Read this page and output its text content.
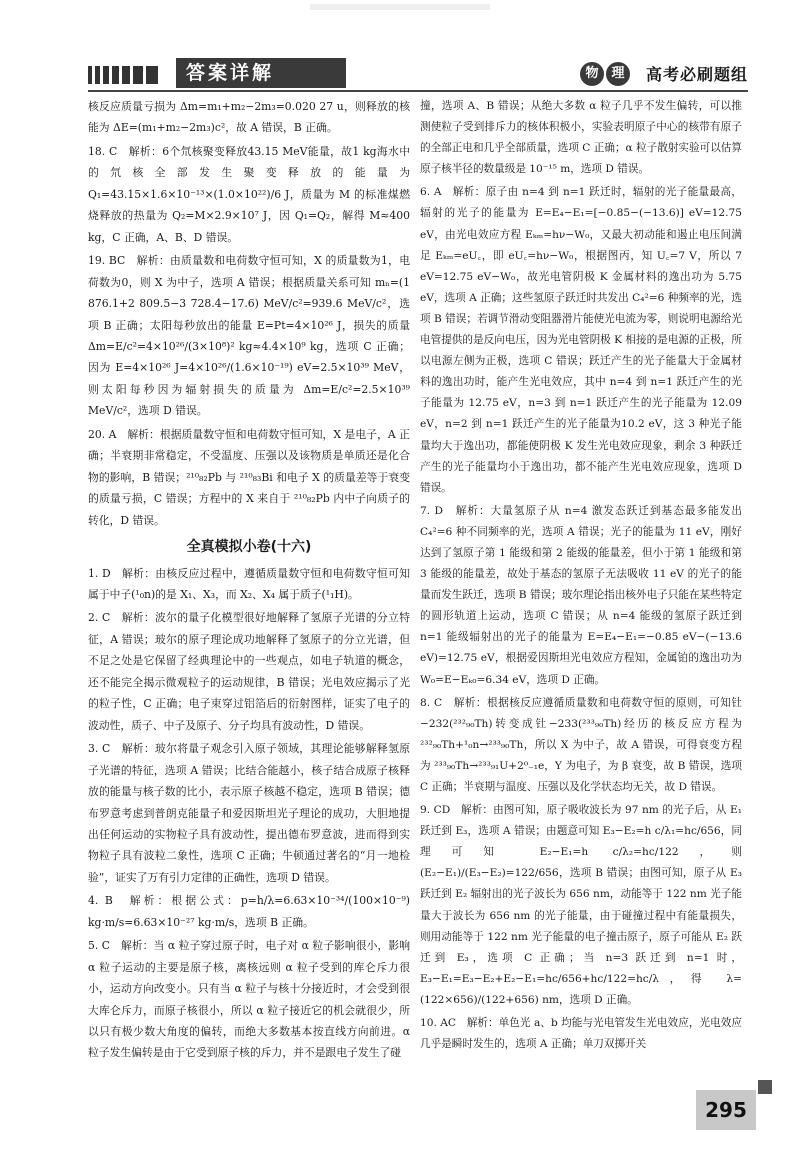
答案详解	物 理	高考必刷题组

核反应质量亏损为 Δm=m₁+m₂−2m₃=0.020 27 u，则释放的核能为 ΔE=(m₁+m₂−2m₃)c²，故 A 错误，B 正确。

18. C　解析：6个氘核聚变释放43.15 MeV能量，故1 kg海水中的氘核全部发生聚变释放的能量为 Q₁=43.15×1.6×10⁻¹³×(1.0×10²²)/6 J，质量为 M 的标准煤燃烧释放的热量为 Q₂=M×2.9×10⁷ J，因 Q₁=Q₂，解得 M≈400 kg，C 正确，A、B、D 错误。

19. BC　解析：由质量数和电荷数守恒可知，X 的质量数为1，电荷数为0，则 X 为中子，选项 A 错误；根据质量关系可知 mₙ=(1 876.1+2 809.5−3 728.4−17.6) MeV/c²=939.6 MeV/c²，选项 B 正确；太阳每秒放出的能量 E=Pt=4×10²⁶ J，损失的质量 Δm=E/c²=4×10²⁶/(3×10⁸)² kg≈4.4×10⁹ kg，选项 C 正确；因为 E=4×10²⁶ J=4×10²⁶/(1.6×10⁻¹⁹) eV=2.5×10³⁹ MeV，则太阳每秒因为辐射损失的质量为 Δm=E/c²=2.5×10³⁹ MeV/c²，选项 D 错误。

20. A　解析：根据质量数守恒和电荷数守恒可知，X 是电子，A 正确；半衰期非常稳定，不受温度、压强以及该物质是单质还是化合物的影响，B 错误；²¹⁰₈₂Pb 与 ²¹⁰₈₃Bi 和电子 X 的质量差等于衰变的质量亏损，C 错误；方程中的 X 来自于 ²¹⁰₈₂Pb 内中子向质子的转化，D 错误。

全真模拟小卷(十六)

1. D　解析：由核反应过程中，遵循质量数守恒和电荷数守恒可知属于中子(¹₀n)的是 X₁、X₃，而 X₂、X₄ 属于质子(¹₁H)。

2. C　解析：波尔的量子化模型很好地解释了氢原子光谱的分立特征，A 错误；玻尔的原子理论成功地解释了氢原子的分立光谱，但不足之处是它保留了经典理论中的一些观点，如电子轨道的概念，还不能完全揭示微观粒子的运动规律，B 错误；光电效应揭示了光的粒子性，C 正确；电子束穿过铝箔后的衍射图样，证实了电子的波动性，质子、中子及原子、分子均具有波动性，D 错误。

3. C　解析：玻尔将量子观念引入原子领域，其理论能够解释氢原子光谱的特征，选项 A 错误；比结合能越小，核子结合成原子核释放的能量与核子数的比小，表示原子核越不稳定，选项 B 错误；德布罗意考虑到普朗克能量子和爱因斯坦光子理论的成功，大胆地提出任何运动的实物粒子具有波动性，提出德布罗意波，进而得到实物粒子具有波粒二象性，选项 C 正确；牛顿通过著名的“月一地检验”，证实了万有引力定律的正确性，选项 D 错误。

4. B　解析：根据公式：p=h/λ=6.63×10⁻³⁴/(100×10⁻⁹) kg·m/s=6.63×10⁻²⁷ kg·m/s，选项 B 正确。

5. C　解析：当 α 粒子穿过原子时，电子对 α 粒子影响很小，影响 α 粒子运动的主要是原子核，离核远则 α 粒子受到的库仑斥力很小，运动方向改变小。只有当 α 粒子与核十分接近时，才会受到很大库仑斥力，而原子核很小，所以 α 粒子接近它的机会就很少，所以只有极少数大角度的偏转，而绝大多数基本按直线方向前进。α 粒子发生偏转是由于它受到原子核的斥力，并不是跟电子发生了碰

撞，选项 A、B 错误；从绝大多数 α 粒子几乎不发生偏转，可以推测使粒子受到排斥力的核体积极小，实验表明原子中心的核带有原子的全部正电和几乎全部质量，选项 C 正确；α 粒子散射实验可以估算原子核半径的数量级是 10⁻¹⁵ m，选项 D 错误。

6. A　解析：原子由 n=4 到 n=1 跃迁时，辐射的光子能量最高，辐射的光子的能量为 E=E₄−E₁=[−0.85−(−13.6)] eV=12.75 eV，由光电效应方程 Eₖₘ=hν−W₀，又最大初动能和遏止电压间满足 Eₖₘ=eU꜀，即 eU꜀=hν−W₀，根据图丙，知 U꜀=7 V，所以 7 eV=12.75 eV−W₀，故光电管阴极 K 金属材料的逸出功为 5.75 eV，选项 A 正确；这些氢原子跃迁时共发出 C₄²=6 种频率的光，选项 B 错误；若调节滑动变阻器滑片能使光电流为零，则说明电源给光电管提供的是反向电压，因为光电管阴极 K 相接的是电源的正极，所以电源左侧为正极，选项 C 错误；跃迁产生的光子能量大于金属材料的逸出功时，能产生光电效应，其中 n=4 到 n=1 跃迁产生的光子能量为 12.75 eV，n=3 到 n=1 跃迁产生的光子能量为 12.09 eV，n=2 到 n=1 跃迁产生的光子能量为10.2 eV，这 3 种光子能量均大于逸出功，都能使阴极 K 发生光电效应现象，剩余 3 种跃迁产生的光子能量均小于逸出功，都不能产生光电效应现象，选项 D 错误。

7. D　解析：大量氢原子从 n=4 激发态跃迁到基态最多能发出 C₄²=6 种不同频率的光，选项 A 错误；光子的能量为 11 eV，刚好达到了氢原子第 1 能级和第 2 能级的能量差，但小于第 1 能级和第 3 能级的能量差，故处于基态的氢原子无法吸收 11 eV 的光子的能量而发生跃迁，选项 B 错误；玻尔理论指出核外电子只能在某些特定的圆形轨道上运动，选项 C 错误；从 n=4 能级的氢原子跃迁到 n=1 能级辐射出的光子的能量为 E=E₄−E₁=−0.85 eV−(−13.6 eV)=12.75 eV，根据爱因斯坦光电效应方程知，金属铂的逸出功为 W₀=E−Eₖ₀=6.34 eV，选项 D 正确。

8. C　解析：根据核反应遵循质量数和电荷数守恒的原则，可知钍−232(²³²₉₀Th)转变成钍−233(²³³₉₀Th)经历的核反应方程为 ²³²₉₀Th+¹₀n→²³³₉₀Th，所以 X 为中子，故 A 错误，可得衰变方程为 ²³³₉₀Th→²³³₉₁U+2⁰₋₁e，Y 为电子，为 β 衰变，故 B 错误，选项 C 正确；半衰期与温度、压强以及化学状态均无关，故 D 错误。

9. CD　解析：由图可知，原子吸收波长为 97 nm 的光子后，从 E₁ 跃迁到 E₃，选项 A 错误；由题意可知 E₃−E₂=h c/λ₁=hc/656，同理可知 E₂−E₁=h c/λ₂=hc/122，则 (E₂−E₁)/(E₃−E₂)=122/656，选项 B 错误；由图可知，原子从 E₃ 跃迁到 E₂ 辐射出的光子波长为 656 nm，动能等于 122 nm 光子能量大于波长为 656 nm 的光子能量，由于碰撞过程中有能量损失，则用动能等于 122 nm 光子能量的电子撞击原子，原子可能从 E₂ 跃迁到 E₃，选项 C 正确；当 n=3 跃迁到 n=1 时，E₃−E₁=E₃−E₂+E₂−E₁=hc/656+hc/122=hc/λ，得 λ=(122×656)/(122+656) nm，选项 D 正确。

10. AC　解析：单色光 a、b 均能与光电管发生光电效应，光电效应几乎是瞬时发生的，选项 A 正确；单刀双掷开关

295
